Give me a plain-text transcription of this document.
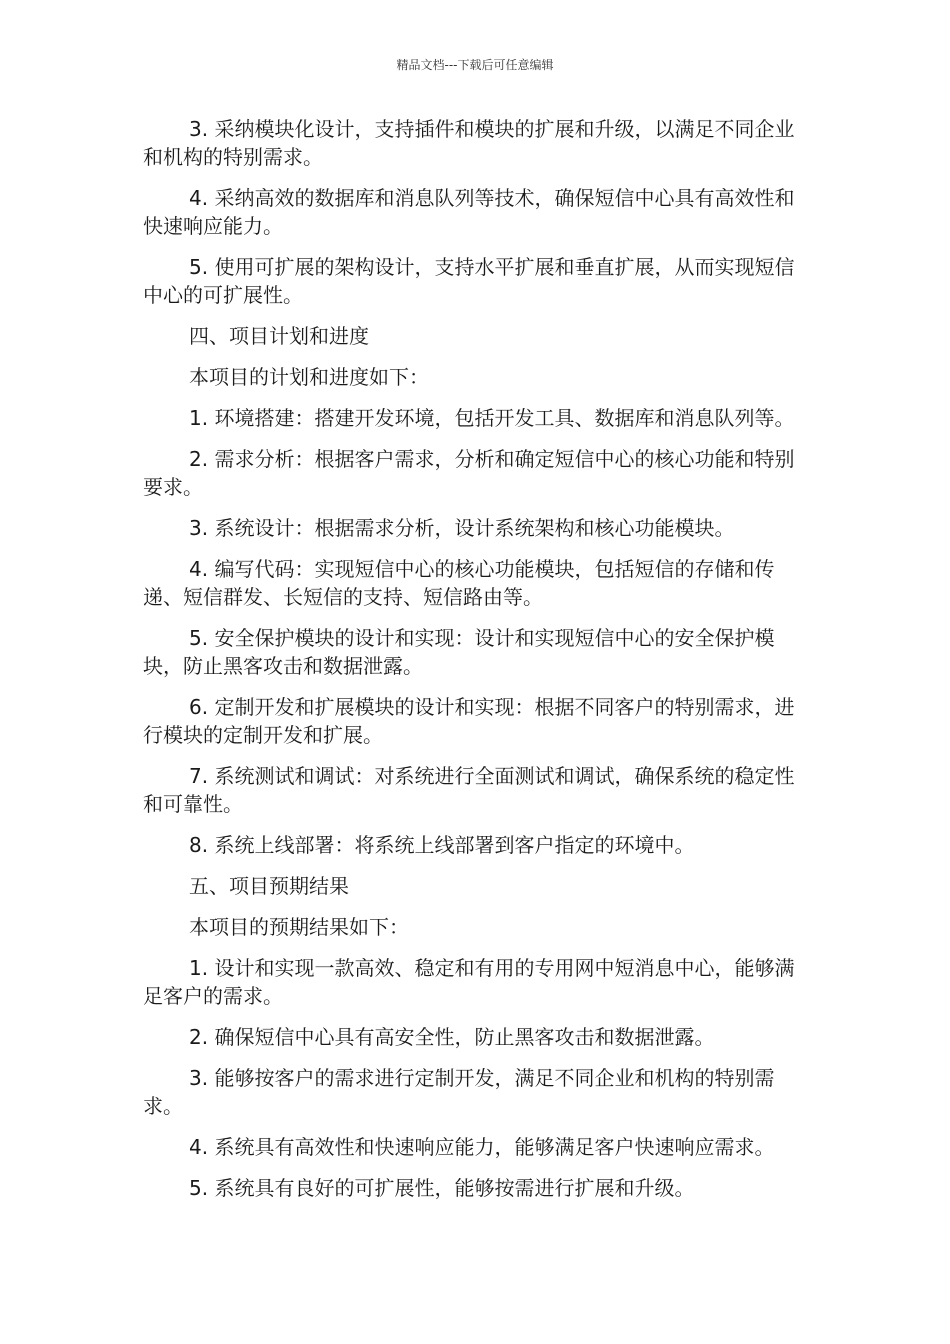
精品文档---下载后可任意编辑

3. 采纳模块化设计，支持插件和模块的扩展和升级，以满足不同企业和机构的特别需求。

4. 采纳高效的数据库和消息队列等技术，确保短信中心具有高效性和快速响应能力。

5. 使用可扩展的架构设计，支持水平扩展和垂直扩展，从而实现短信中心的可扩展性。

四、项目计划和进度

本项目的计划和进度如下：

1. 环境搭建：搭建开发环境，包括开发工具、数据库和消息队列等。

2. 需求分析：根据客户需求，分析和确定短信中心的核心功能和特别要求。

3. 系统设计：根据需求分析，设计系统架构和核心功能模块。

4. 编写代码：实现短信中心的核心功能模块，包括短信的存储和传递、短信群发、长短信的支持、短信路由等。

5. 安全保护模块的设计和实现：设计和实现短信中心的安全保护模块，防止黑客攻击和数据泄露。

6. 定制开发和扩展模块的设计和实现：根据不同客户的特别需求，进行模块的定制开发和扩展。

7. 系统测试和调试：对系统进行全面测试和调试，确保系统的稳定性和可靠性。

8. 系统上线部署：将系统上线部署到客户指定的环境中。

五、项目预期结果

本项目的预期结果如下：

1. 设计和实现一款高效、稳定和有用的专用网中短消息中心，能够满足客户的需求。

2. 确保短信中心具有高安全性，防止黑客攻击和数据泄露。

3. 能够按客户的需求进行定制开发，满足不同企业和机构的特别需求。

4. 系统具有高效性和快速响应能力，能够满足客户快速响应需求。

5. 系统具有良好的可扩展性，能够按需进行扩展和升级。
